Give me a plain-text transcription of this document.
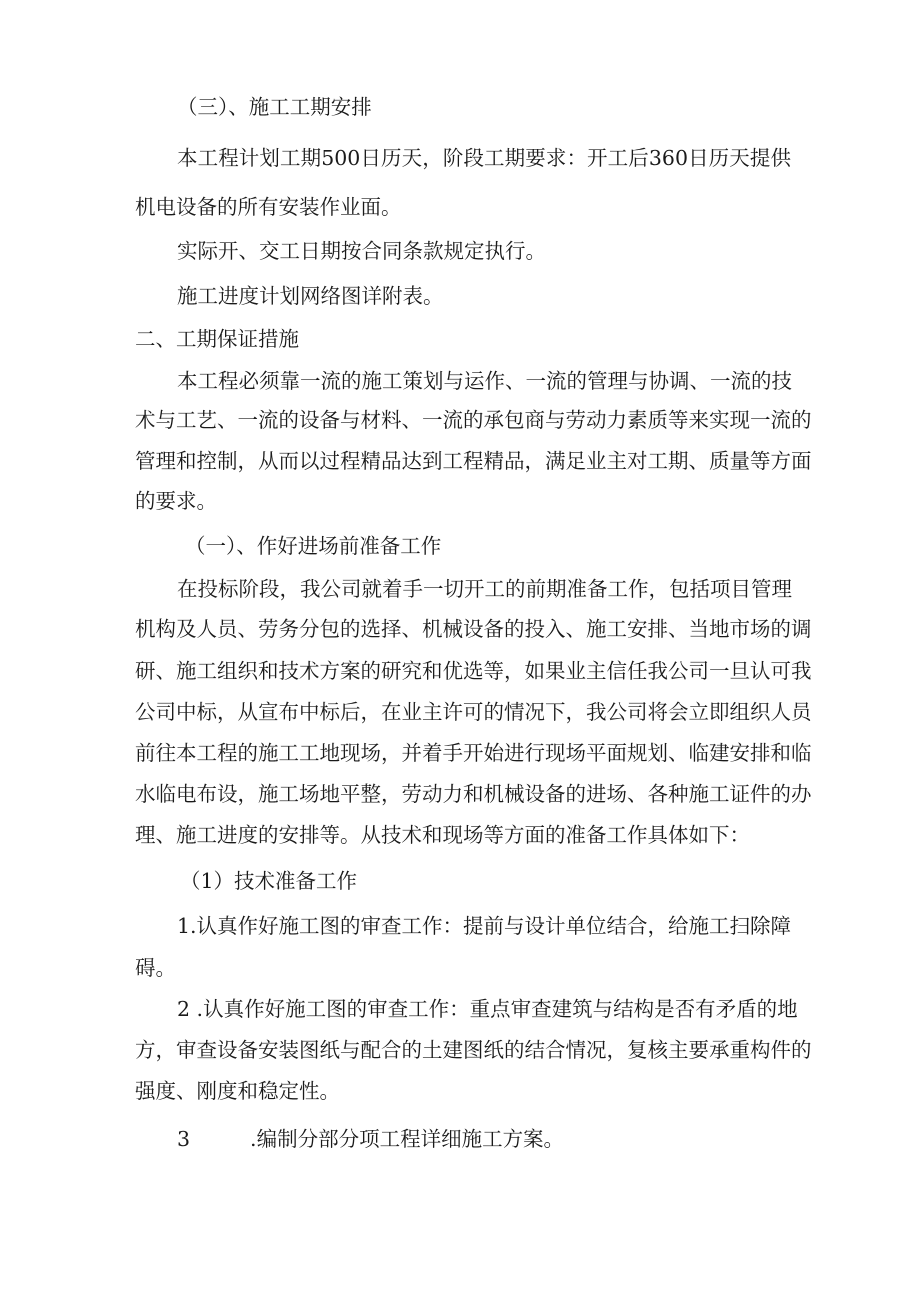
（三）、施工工期安排
本工程计划工期500日历天，阶段工期要求：开工后360日历天提供
机电设备的所有安装作业面。
实际开、交工日期按合同条款规定执行。
施工进度计划网络图详附表。
二、工期保证措施
本工程必须靠一流的施工策划与运作、一流的管理与协调、一流的技
术与工艺、一流的设备与材料、一流的承包商与劳动力素质等来实现一流的
管理和控制，从而以过程精品达到工程精品，满足业主对工期、质量等方面
的要求。
（一）、作好进场前准备工作
在投标阶段，我公司就着手一切开工的前期准备工作，包括项目管理
机构及人员、劳务分包的选择、机械设备的投入、施工安排、当地市场的调
研、施工组织和技术方案的研究和优选等，如果业主信任我公司一旦认可我
公司中标，从宣布中标后，在业主许可的情况下，我公司将会立即组织人员
前往本工程的施工工地现场，并着手开始进行现场平面规划、临建安排和临
水临电布设，施工场地平整，劳动力和机械设备的进场、各种施工证件的办
理、施工进度的安排等。从技术和现场等方面的准备工作具体如下：
（1）技术准备工作
1.认真作好施工图的审查工作：提前与设计单位结合，给施工扫除障
碍。
2 .认真作好施工图的审查工作：重点审查建筑与结构是否有矛盾的地
方，审查设备安装图纸与配合的土建图纸的结合情况，复核主要承重构件的
强度、刚度和稳定性。
3	.编制分部分项工程详细施工方案。
